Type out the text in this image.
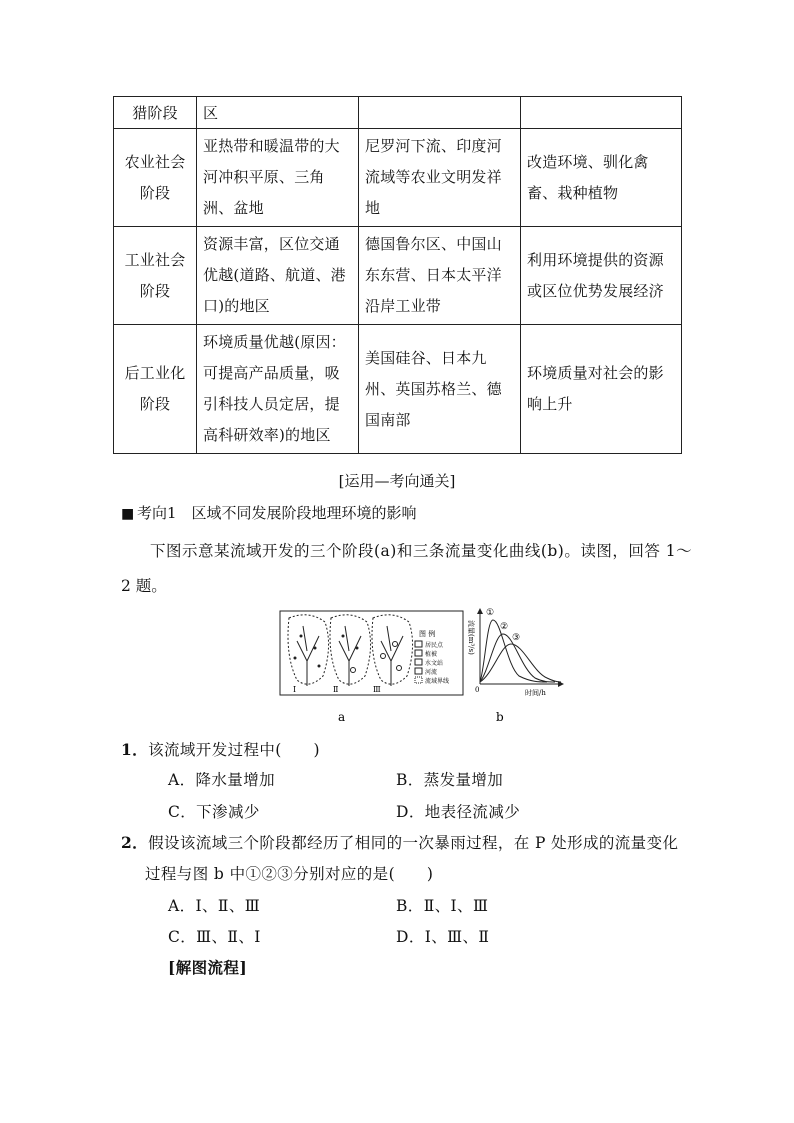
猎阶段	区		
农业社会阶段	亚热带和暖温带的大河冲积平原、三角洲、盆地	尼罗河下流、印度河流域等农业文明发祥地	改造环境、驯化禽畜、栽种植物
工业社会阶段	资源丰富，区位交通优越(道路、航道、港口)的地区	德国鲁尔区、中国山东东营、日本太平洋沿岸工业带	利用环境提供的资源或区位优势发展经济
后工业化阶段	环境质量优越(原因：可提高产品质量，吸引科技人员定居，提高科研效率)的地区	美国硅谷、日本九州、英国苏格兰、德国南部	环境质量对社会的影响上升
[运用—考向通关]
■ 考向1　区域不同发展阶段地理环境的影响
下图示意某流域开发的三个阶段(a)和三条流量变化曲线(b)。读图，回答 1～
2 题。
Ⅰ	Ⅱ	Ⅲ
图 例
居民点
植被
水文站
河流
流域界线
①
②
③
0	时间/h
流量(m³/s)
a	b
1．该流域开发过程中(　　)
A．降水量增加	B．蒸发量增加
C．下渗减少	D．地表径流减少
2．假设该流域三个阶段都经历了相同的一次暴雨过程，在 P 处形成的流量变化
过程与图 b 中①②③分别对应的是(　　)
A．Ⅰ、Ⅱ、Ⅲ	B．Ⅱ、Ⅰ、Ⅲ
C．Ⅲ、Ⅱ、Ⅰ	D．Ⅰ、Ⅲ、Ⅱ
[解图流程]
